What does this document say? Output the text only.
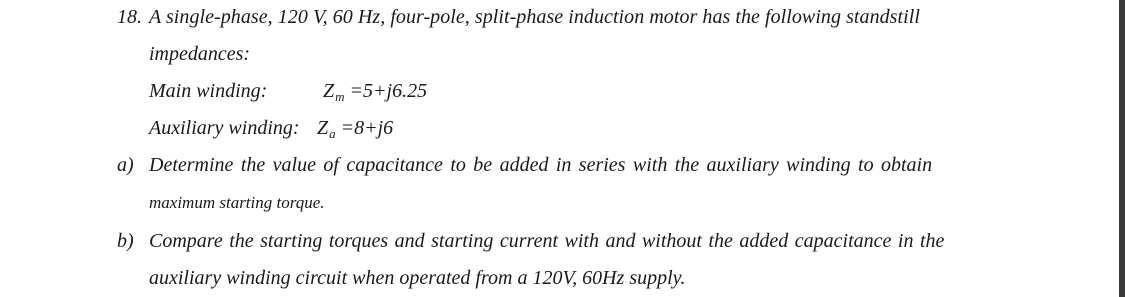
18. A single-phase, 120 V, 60 Hz, four-pole, split-phase induction motor has the following standstill
impedances:
Main winding:	$Z_m =5+j6.25$
Auxiliary winding: $Z_a =8+j6$
a) Determine the value of capacitance to be added in series with the auxiliary winding to obtain
maximum starting torque.
b) Compare the starting torques and starting current with and without the added capacitance in the
auxiliary winding circuit when operated from a 120V, 60Hz supply.
